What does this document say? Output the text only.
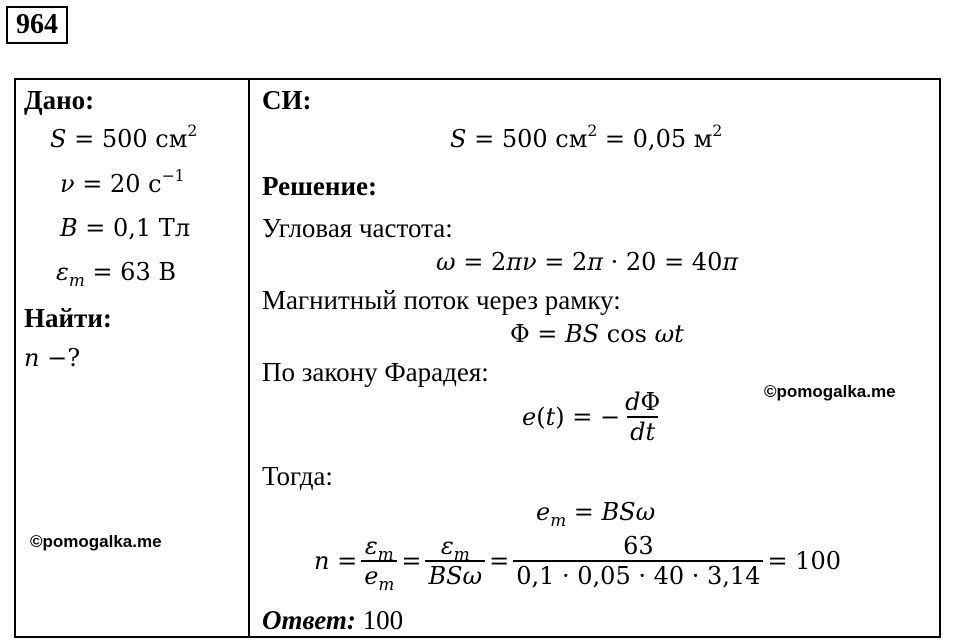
964
Дано:
S = 500 $см^2$
ν = 20 $с^{-1}$
B = 0,1 Тл
$\varepsilon_m = 63$ В
Найти:
n −?
©pomogalka.me
СИ:
S = 500 $см^2 = 0,05$ $м^2$
Решение:
Угловая частота:
ω = 2πν = 2π · 20 = 40π
Магнитный поток через рамку:
Φ = BS cos ωt
По закону Фарадея:
©pomogalka.me
e(t) = − $\frac{d\Phi}{dt}$
Тогда:
$e_m = BS\omega$
$n = \frac{\varepsilon_m}{e_m} = \frac{\varepsilon_m}{\text{BSω}} = \frac{63}{0,1 \cdot 0,05 \cdot 40 \cdot 3,14} = 100$
Ответ: 100
